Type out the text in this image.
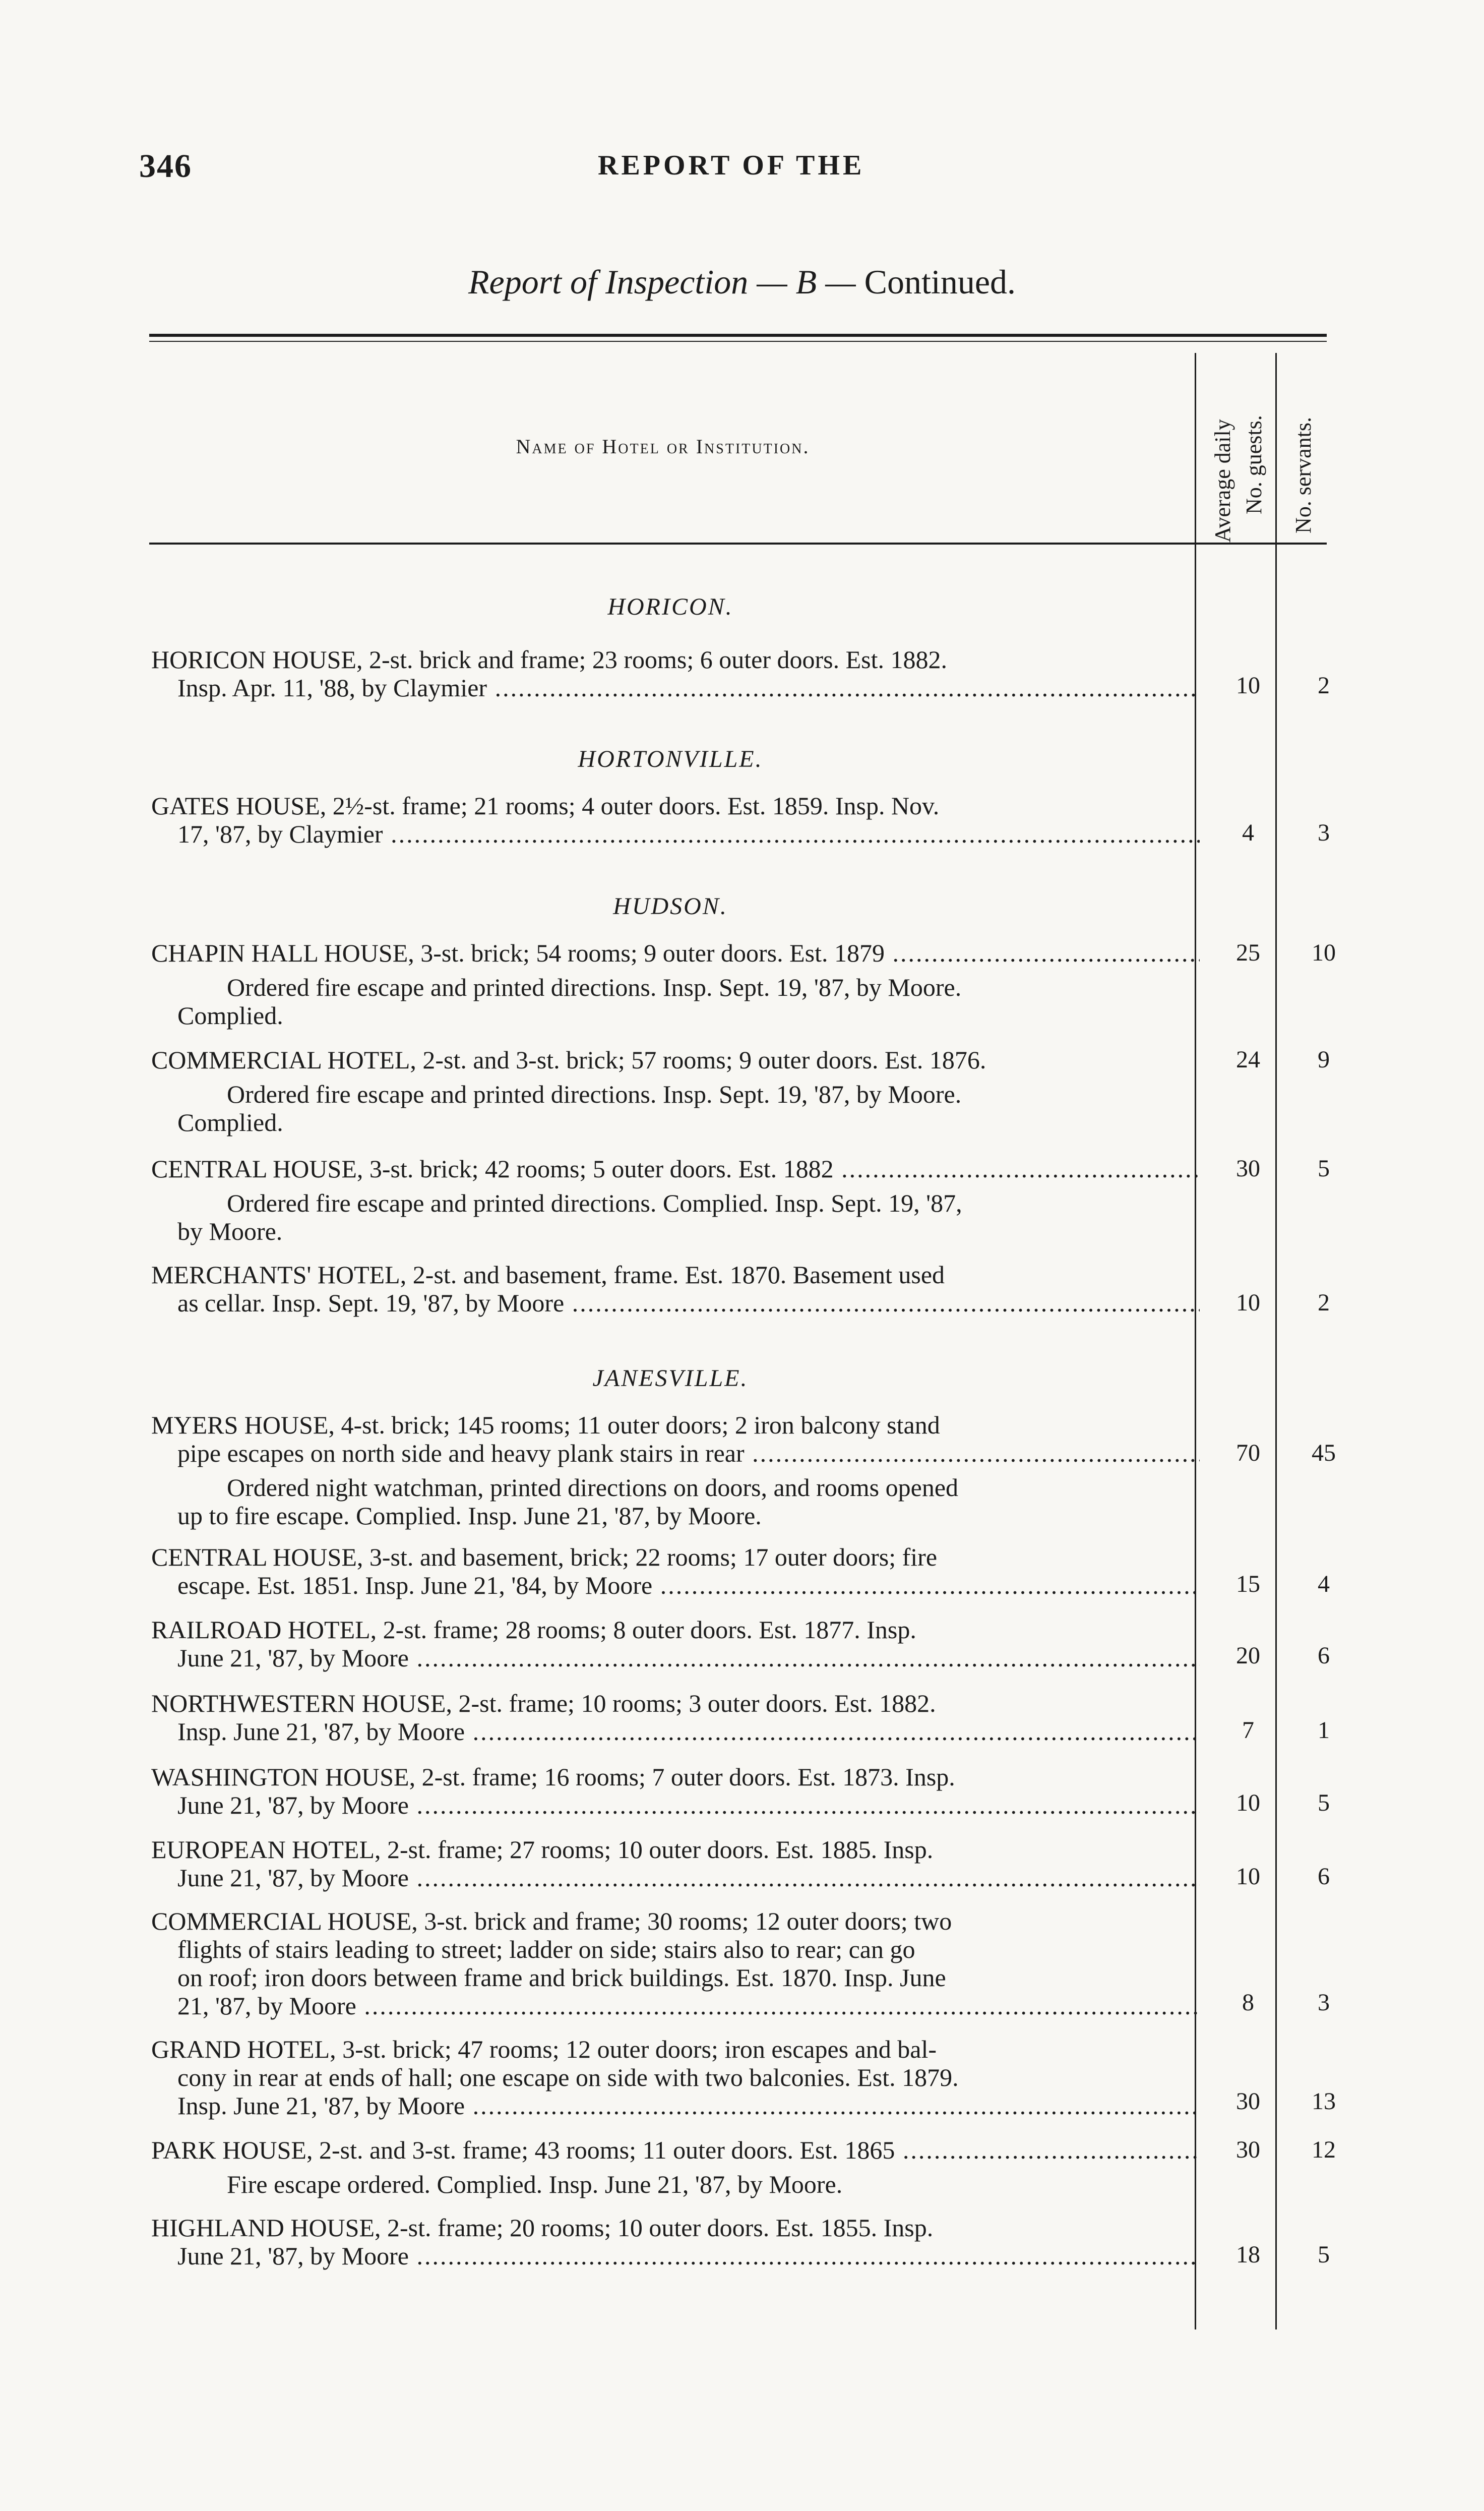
346	REPORT OF THE
Report of Inspection — B — Continued.
Name of Hotel or Institution.	Average daily No. guests. No. servants.
HORICON.
HORICON HOUSE, 2-st. brick and frame; 23 rooms; 6 outer doors. Est. 1882.
Insp. Apr. 11, '88, by Claymier .....	10	2
HORTONVILLE.
GATES HOUSE, 2½-st. frame; 21 rooms; 4 outer doors. Est. 1859. Insp. Nov.
17, '87, by Claymier .....	4	3
HUDSON.
CHAPIN HALL HOUSE, 3-st. brick; 54 rooms; 9 outer doors. Est. 1879 .....
Ordered fire escape and printed directions. Insp. Sept. 19, '87, by Moore.
Complied.
25	10
COMMERCIAL HOTEL, 2-st. and 3-st. brick; 57 rooms; 9 outer doors. Est. 1876.
Ordered fire escape and printed directions. Insp. Sept. 19, '87, by Moore.
Complied.
24	9
CENTRAL HOUSE, 3-st. brick; 42 rooms; 5 outer doors. Est. 1882 .....
Ordered fire escape and printed directions. Complied. Insp. Sept. 19, '87,
by Moore.
30	5
MERCHANTS' HOTEL, 2-st. and basement, frame. Est. 1870. Basement used
as cellar. Insp. Sept. 19, '87, by Moore .....	10	2
JANESVILLE.
MYERS HOUSE, 4-st. brick; 145 rooms; 11 outer doors; 2 iron balcony stand
pipe escapes on north side and heavy plank stairs in rear .....
Ordered night watchman, printed directions on doors, and rooms opened
up to fire escape. Complied. Insp. June 21, '87, by Moore.
70	45
CENTRAL HOUSE, 3-st. and basement, brick; 22 rooms; 17 outer doors; fire
escape. Est. 1851. Insp. June 21, '84, by Moore .....	15	4
RAILROAD HOTEL, 2-st. frame; 28 rooms; 8 outer doors. Est. 1877. Insp.
June 21, '87, by Moore .....	20	6
NORTHWESTERN HOUSE, 2-st. frame; 10 rooms; 3 outer doors. Est. 1882.
Insp. June 21, '87, by Moore .....	7	1
WASHINGTON HOUSE, 2-st. frame; 16 rooms; 7 outer doors. Est. 1873. Insp.
June 21, '87, by Moore .....	10	5
EUROPEAN HOTEL, 2-st. frame; 27 rooms; 10 outer doors. Est. 1885. Insp.
June 21, '87, by Moore .....	10	6
COMMERCIAL HOUSE, 3-st. brick and frame; 30 rooms; 12 outer doors; two
flights of stairs leading to street; ladder on side; stairs also to rear; can go
on roof; iron doors between frame and brick buildings. Est. 1870. Insp. June
21, '87, by Moore .....	8	3
GRAND HOTEL, 3-st. brick; 47 rooms; 12 outer doors; iron escapes and bal-
cony in rear at ends of hall; one escape on side with two balconies. Est. 1879.
Insp. June 21, '87, by Moore .....	30	13
PARK HOUSE, 2-st. and 3-st. frame; 43 rooms; 11 outer doors. Est. 1865 .....
Fire escape ordered. Complied. Insp. June 21, '87, by Moore.
30	12
HIGHLAND HOUSE, 2-st. frame; 20 rooms; 10 outer doors. Est. 1855. Insp.
June 21, '87, by Moore .....	18	5
